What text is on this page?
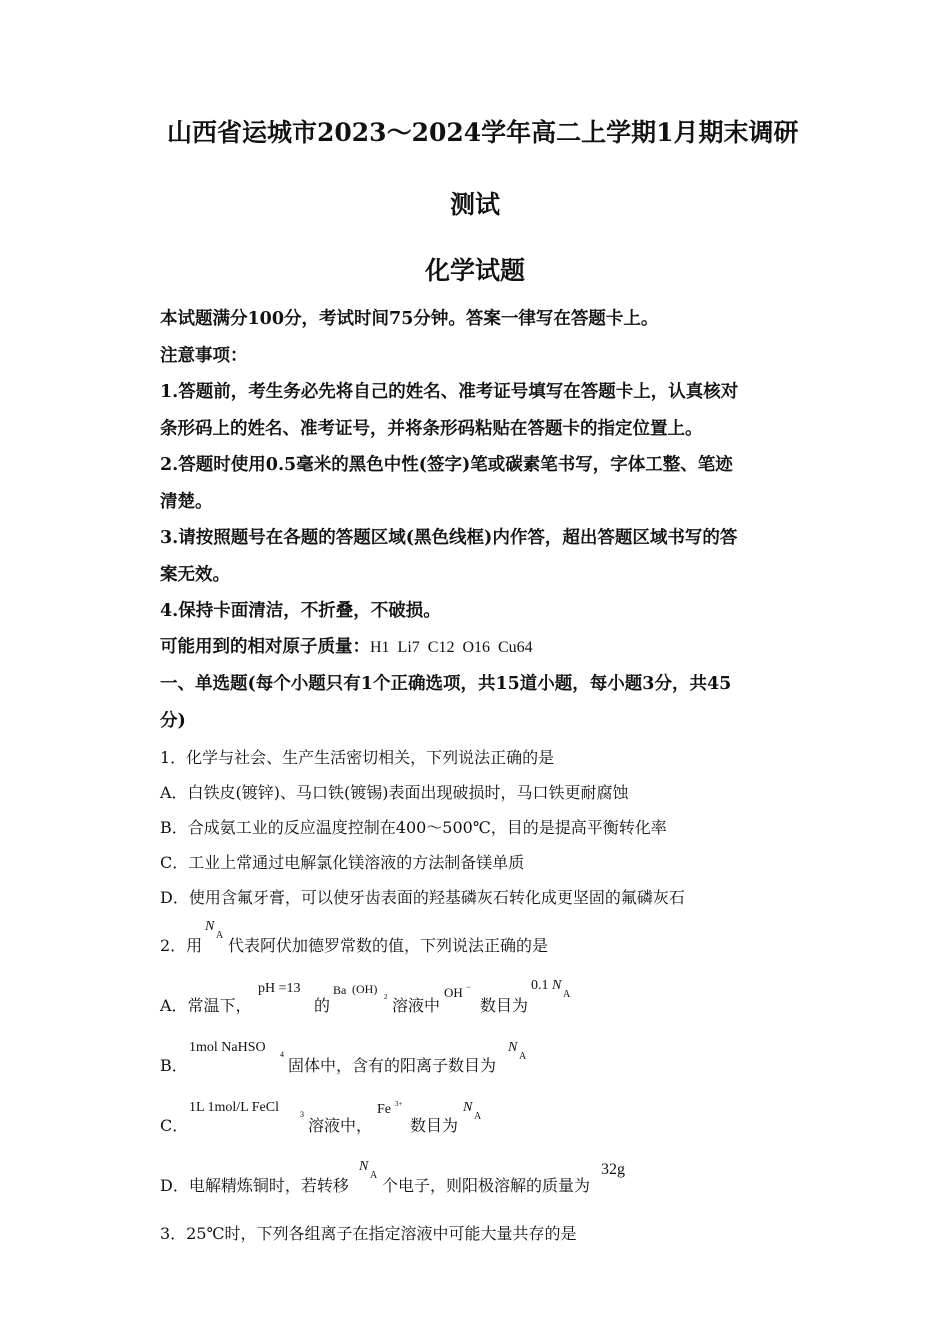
山西省运城市2023～2024学年高二上学期1月期末调研
测试
化学试题
本试题满分100分，考试时间75分钟。答案一律写在答题卡上。
注意事项：
1.答题前，考生务必先将自己的姓名、准考证号填写在答题卡上，认真核对
条形码上的姓名、准考证号，并将条形码粘贴在答题卡的指定位置上。
2.答题时使用0.5毫米的黑色中性(签字)笔或碳素笔书写，字体工整、笔迹
清楚。
3.请按照题号在各题的答题区域(黑色线框)内作答，超出答题区域书写的答
案无效。
4.保持卡面清洁，不折叠，不破损。
可能用到的相对原子质量：H1  Li7  C12  O16  Cu64
一、单选题(每个小题只有1个正确选项，共15道小题，每小题3分，共45
分)
1．化学与社会、生产生活密切相关，下列说法正确的是
A．白铁皮(镀锌)、马口铁(镀锡)表面出现破损时，马口铁更耐腐蚀
B．合成氨工业的反应温度控制在400～500℃，目的是提高平衡转化率
C．工业上常通过电解氯化镁溶液的方法制备镁单质
D．使用含氟牙膏，可以使牙齿表面的羟基磷灰石转化成更坚固的氟磷灰石
2．用
N
A
代表阿伏加德罗常数的值，下列说法正确的是
A．常温下，
pH =13
的
Ba (OH)
2 溶液中
OH −
数目为
0.1 N
A
B．
1mol NaHSO 4
固体中，含有的阳离子数目为
N
A
C．
1L 1mol/L FeCl	3
溶液中，
Fe 3+
数目为
N
A
D．电解精炼铜时，若转移
N
A
个电子，则阳极溶解的质量为
32g
3．25℃时，下列各组离子在指定溶液中可能大量共存的是
